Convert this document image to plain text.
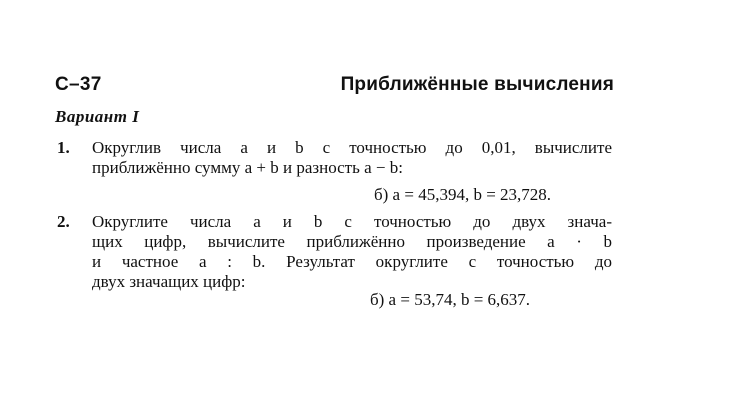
С–37	Приближённые вычисления
Вариант I
1. Округлив числа a и b с точностью до 0,01, вычислите
приближённо сумму a + b и разность a − b:
б) a = 45,394, b = 23,728.
2. Округлите числа a и b с точностью до двух знача-
щих цифр, вычислите приближённо произведение a · b
и частное a : b. Результат округлите с точностью до
двух значащих цифр:
б) a = 53,74, b = 6,637.
